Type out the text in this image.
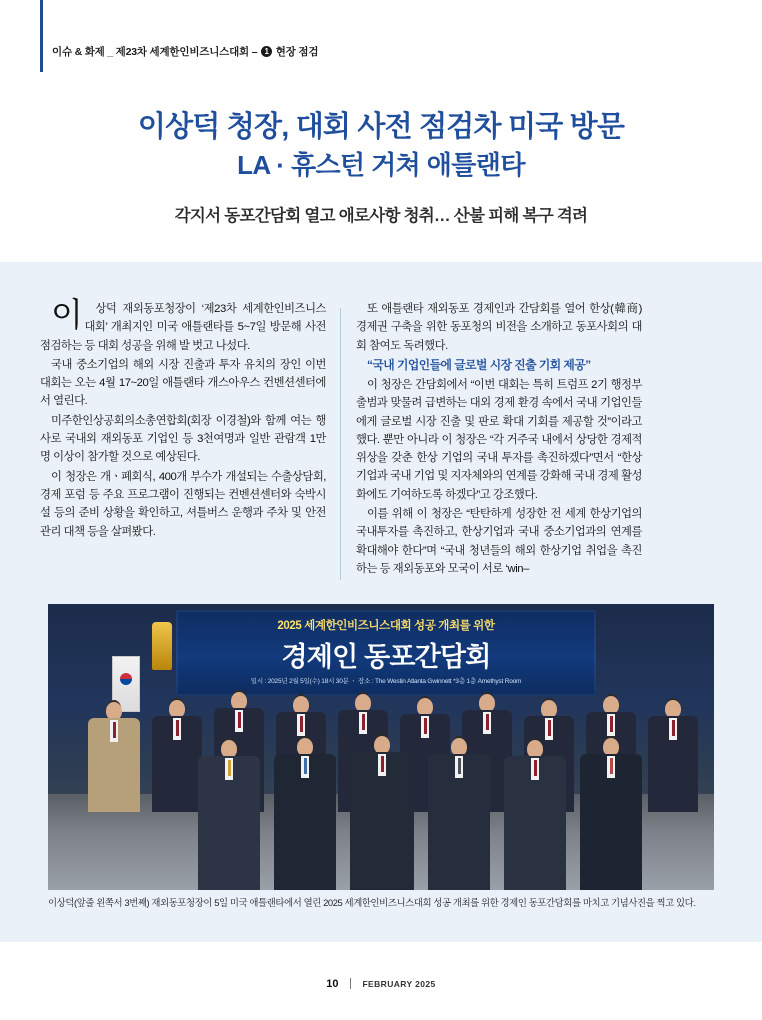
이슈 & 화제 _ 제23차 세계한인비즈니스대회 – 1 현장 점검
이상덕 청장, 대회 사전 점검차 미국 방문
LA · 휴스턴 거쳐 애틀랜타
각지서 동포간담회 열고 애로사항 청취… 산불 피해 복구 격려

이 상덕 재외동포청장이 ‘제23차 세계한인비즈니스대회’ 개최지인 미국 애틀랜타를 5~7일 방문해 사전 점검하는 등 대회 성공을 위해 발 벗고 나섰다.

국내 중소기업의 해외 시장 진출과 투자 유치의 장인 이번 대회는 오는 4월 17~20일 애틀랜타 개스아우스 컨벤션센터에서 열린다.

미주한인상공회의소총연합회(회장 이경철)와 함께 여는 행사로 국내외 재외동포 기업인 등 3천여명과 일반 관람객 1만 명 이상이 참가할 것으로 예상된다.

이 청장은 개ㆍ폐회식, 400개 부수가 개설되는 수출상담회, 경제 포럼 등 주요 프로그램이 진행되는 컨벤션센터와 숙박시설 등의 준비 상황을 확인하고, 셔틀버스 운행과 주차 및 안전관리 대책 등을 살펴봤다.

또 애틀랜타 재외동포 경제인과 간담회를 열어 한상(韓商) 경제권 구축을 위한 동포청의 비전을 소개하고 동포사회의 대회 참여도 독려했다.

“국내 기업인들에 글로벌 시장 진출 기회 제공”

이 청장은 간담회에서 “이번 대회는 특히 트럼프 2기 행정부 출범과 맞물려 급변하는 대외 경제 환경 속에서 국내 기업인들에게 글로벌 시장 진출 및 판로 확대 기회를 제공할 것”이라고 했다. 뿐만 아니라 이 청장은 “각 거주국 내에서 상당한 경제적 위상을 갖춘 한상 기업의 국내 투자를 촉진하겠다”면서 “한상기업과 국내 기업 및 지자체와의 연계를 강화해 국내 경제 활성화에도 기여하도록 하겠다”고 강조했다.

이를 위해 이 청장은 “탄탄하게 성장한 전 세계 한상기업의 국내투자를 촉진하고, 한상기업과 국내 중소기업과의 연계를 확대해야 한다”며 “국내 청년들의 해외 한상기업 취업을 촉진하는 등 재외동포와 모국이 서로 ‘win–

2025 세계한인비즈니스대회 성공 개최를 위한
경제인 동포간담회
일시 : 2025년 2월 5일(수) 18시 30분 ㆍ 장소 : The Westin Atlanta Gwinnett *3층 1층 Amethyst Room
이상덕(앞줄 왼쪽서 3번째) 재외동포청장이 5일 미국 애틀랜타에서 열린 2025 세계한인비즈니스대회 성공 개최를 위한 경제인 동포간담회를 마치고 기념사진을 찍고 있다.
10	FEBRUARY 2025
